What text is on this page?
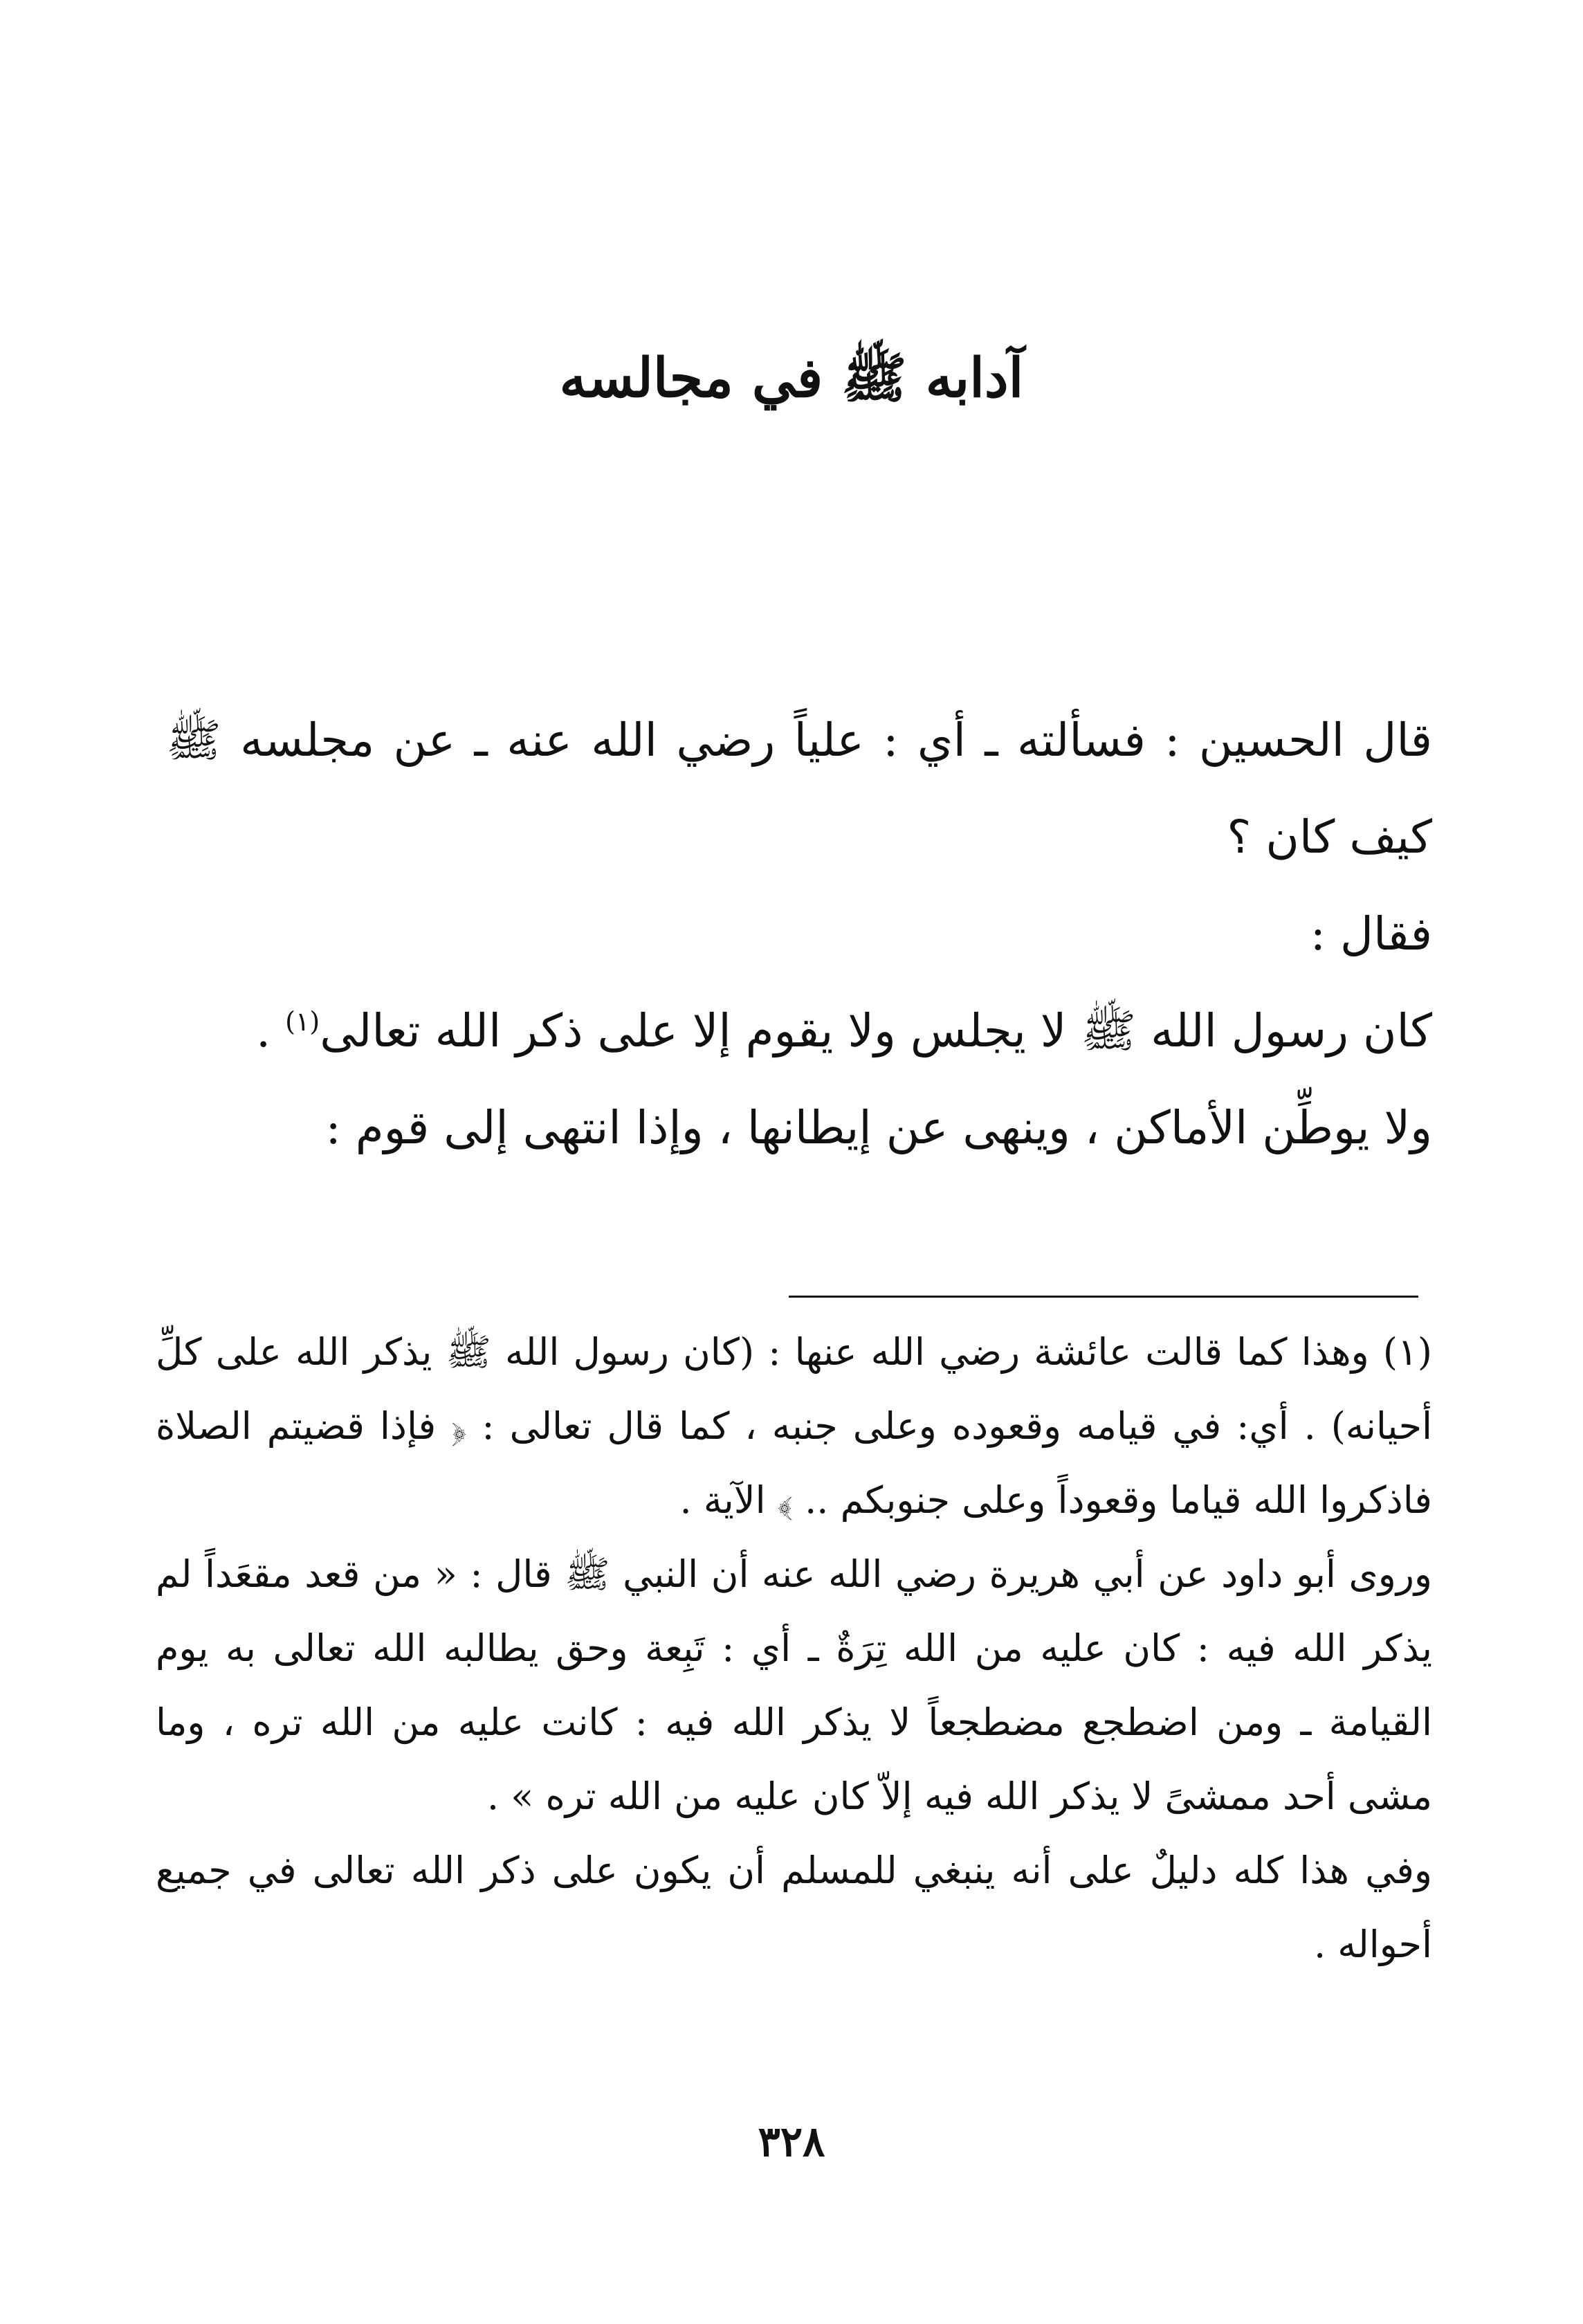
آدابه ﷺ في مجالسه

قال الحسين : فسألته ـ أي : علياً رضي الله عنه ـ عن مجلسه ﷺ كيف كان ؟

فقال :

كان رسول الله ﷺ لا يجلس ولا يقوم إلا على ذكر الله تعالى$^{(١)}$ .

ولا يوطِّن الأماكن ، وينهى عن إيطانها ، وإذا انتهى إلى قوم :

(١) وهذا كما قالت عائشة رضي الله عنها : (كان رسول الله ﷺ يذكر الله على كلِّ أحيانه) . أي: في قيامه وقعوده وعلى جنبه ، كما قال تعالى : ﴿ فإذا قضيتم الصلاة فاذكروا الله قياما وقعوداً وعلى جنوبكم .. ﴾ الآية .

وروى أبو داود عن أبي هريرة رضي الله عنه أن النبي ﷺ قال : « من قعد مقعَداً لم يذكر الله فيه : كان عليه من الله تِرَةٌ ـ أي : تَبِعة وحق يطالبه الله تعالى به يوم القيامة ـ ومن اضطجع مضطجعاً لا يذكر الله فيه : كانت عليه من الله تره ، وما مشى أحد ممشىً لا يذكر الله فيه إلاّ كان عليه من الله تره » .

وفي هذا كله دليلٌ على أنه ينبغي للمسلم أن يكون على ذكر الله تعالى في جميع أحواله .

٣٢٨
